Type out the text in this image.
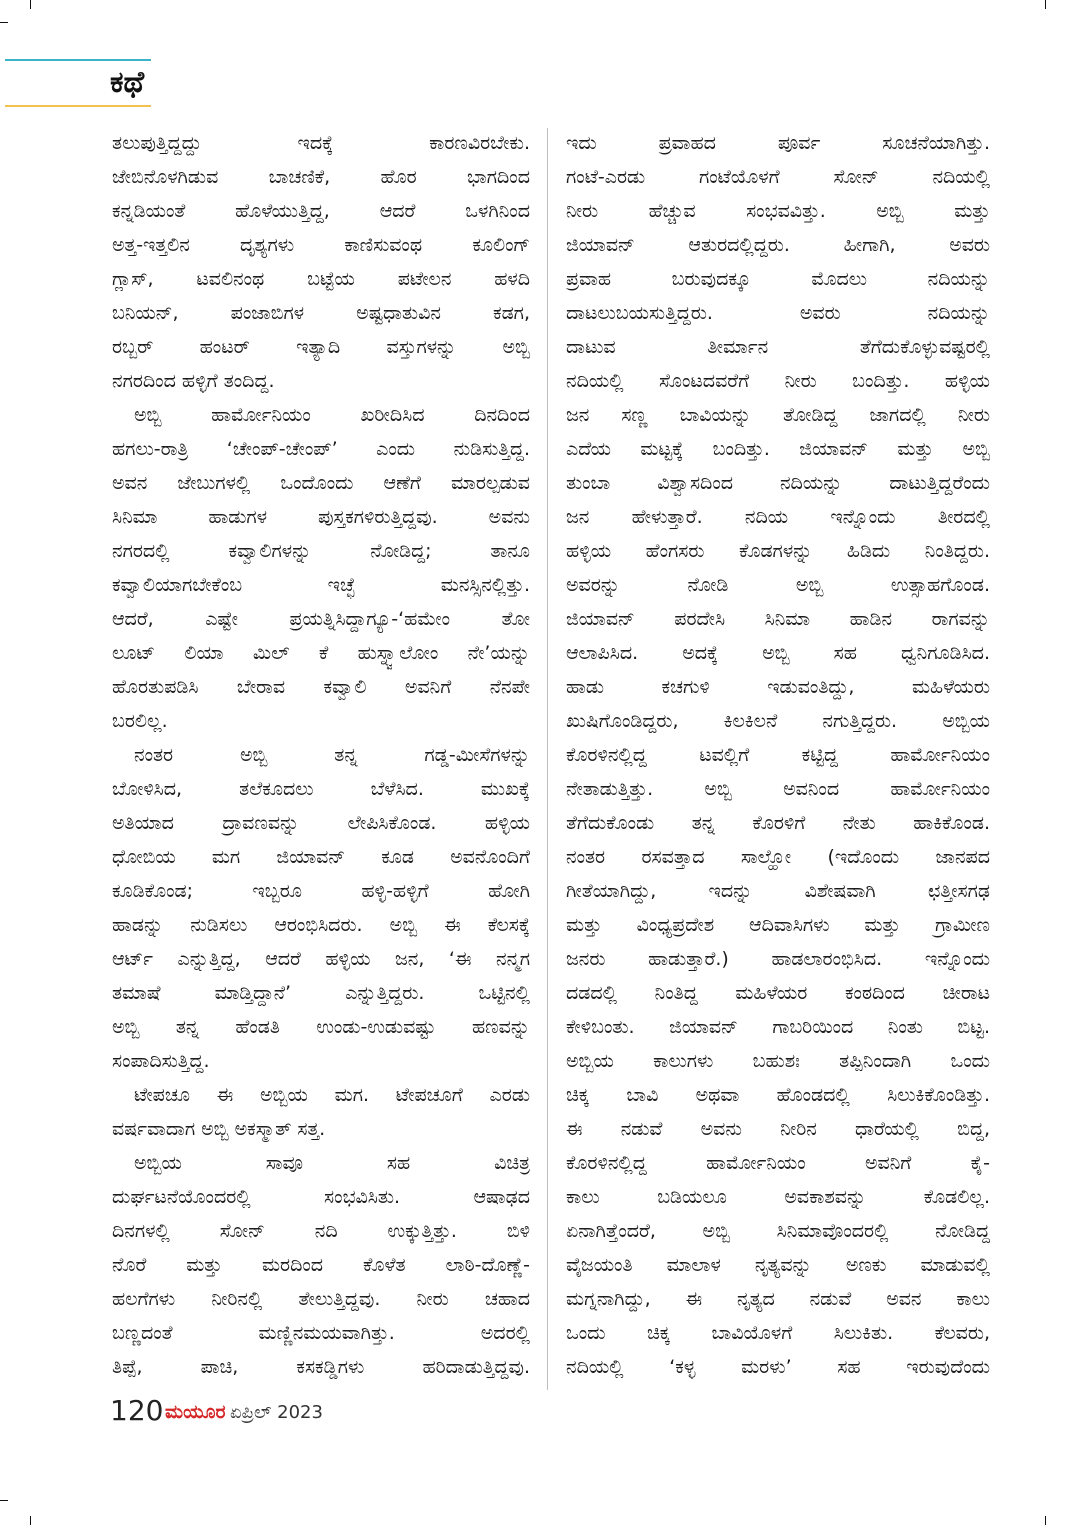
ಕಥೆ
ತಲುಪುತ್ತಿದ್ದದ್ದು ಇದಕ್ಕೆ ಕಾರಣವಿರಬೇಕು.
ಜೇಬಿನೊಳಗಿಡುವ ಬಾಚಣಿಕೆ, ಹೊರ ಭಾಗದಿಂದ
ಕನ್ನಡಿಯಂತೆ ಹೊಳೆಯುತ್ತಿದ್ದ, ಆದರೆ ಒಳಗಿನಿಂದ
ಅತ್ತ-ಇತ್ತಲಿನ ದೃಶ್ಯಗಳು ಕಾಣಿಸುವಂಥ ಕೂಲಿಂಗ್
ಗ್ಲಾಸ್, ಟವಲಿನಂಥ ಬಟ್ಟೆಯ ಪಟೇಲನ ಹಳದಿ
ಬನಿಯನ್, ಪಂಜಾಬಿಗಳ ಅಷ್ಟಧಾತುವಿನ ಕಡಗ,
ರಬ್ಬರ್ ಹಂಟರ್ ಇತ್ಯಾದಿ ವಸ್ತುಗಳನ್ನು ಅಬ್ಬಿ
ನಗರದಿಂದ ಹಳ್ಳಿಗೆ ತಂದಿದ್ದ.
ಅಬ್ಬಿ ಹಾರ್ಮೋನಿಯಂ ಖರೀದಿಸಿದ ದಿನದಿಂದ
ಹಗಲು-ರಾತ್ರಿ ‘ಚೇಂಪ್-ಚೇಂಪ್’ ಎಂದು ನುಡಿಸುತ್ತಿದ್ದ.
ಅವನ ಜೇಬುಗಳಲ್ಲಿ ಒಂದೊಂದು ಆಣೆಗೆ ಮಾರಲ್ಪಡುವ
ಸಿನಿಮಾ ಹಾಡುಗಳ ಪುಸ್ತಕಗಳಿರುತ್ತಿದ್ದವು. ಅವನು
ನಗರದಲ್ಲಿ ಕವ್ವಾಲಿಗಳನ್ನು ನೋಡಿದ್ದ; ತಾನೂ
ಕವ್ವಾಲಿಯಾಗಬೇಕೆಂಬ ಇಚ್ಛೆ ಮನಸ್ಸಿನಲ್ಲಿತ್ತು.
ಆದರೆ, ಎಷ್ಟೇ ಪ್ರಯತ್ನಿಸಿದ್ದಾಗ್ಯೂ-‘ಹಮೇಂ ತೋ
ಲೂಟ್ ಲಿಯಾ ಮಿಲ್ ಕೆ ಹುಸ್ನ್ವಾಲೋಂ ನೇ’ಯನ್ನು
ಹೊರತುಪಡಿಸಿ ಬೇರಾವ ಕವ್ವಾಲಿ ಅವನಿಗೆ ನೆನಪೇ
ಬರಲಿಲ್ಲ.
ನಂತರ ಅಬ್ಬಿ ತನ್ನ ಗಡ್ಡ-ಮೀಸೆಗಳನ್ನು
ಬೋಳಿಸಿದ, ತಲೆಕೂದಲು ಬೆಳೆಸಿದ. ಮುಖಕ್ಕೆ
ಅತಿಯಾದ ದ್ರಾವಣವನ್ನು ಲೇಪಿಸಿಕೊಂಡ. ಹಳ್ಳಿಯ
ಧೋಬಿಯ ಮಗ ಜಿಯಾವನ್ ಕೂಡ ಅವನೊಂದಿಗೆ
ಕೂಡಿಕೊಂಡ; ಇಬ್ಬರೂ ಹಳ್ಳಿ-ಹಳ್ಳಿಗೆ ಹೋಗಿ
ಹಾಡನ್ನು ನುಡಿಸಲು ಆರಂಭಿಸಿದರು. ಅಬ್ಬಿ ಈ ಕೆಲಸಕ್ಕೆ
ಆರ್ಟ್ ಎನ್ನುತ್ತಿದ್ದ, ಆದರೆ ಹಳ್ಳಿಯ ಜನ, ‘ಈ ನನ್ಮಗ
ತಮಾಷೆ ಮಾಡ್ತಿದ್ದಾನೆ’ ಎನ್ನುತ್ತಿದ್ದರು. ಒಟ್ಟಿನಲ್ಲಿ
ಅಬ್ಬಿ ತನ್ನ ಹೆಂಡತಿ ಉಂಡು-ಉಡುವಷ್ಟು ಹಣವನ್ನು
ಸಂಪಾದಿಸುತ್ತಿದ್ದ.
ಟೇಪಚೂ ಈ ಅಬ್ಬಿಯ ಮಗ. ಟೇಪಚೂಗೆ ಎರಡು
ವರ್ಷವಾದಾಗ ಅಬ್ಬಿ ಅಕಸ್ಮಾತ್ ಸತ್ತ.
ಅಬ್ಬಿಯ ಸಾವೂ ಸಹ ವಿಚಿತ್ರ
ದುರ್ಘಟನೆಯೊಂದರಲ್ಲಿ ಸಂಭವಿಸಿತು. ಆಷಾಢದ
ದಿನಗಳಲ್ಲಿ ಸೋನ್ ನದಿ ಉಕ್ಕುತ್ತಿತ್ತು. ಬಿಳಿ
ನೊರೆ ಮತ್ತು ಮರದಿಂದ ಕೊಳೆತ ಲಾಠಿ-ದೊಣ್ಣೆ-
ಹಲಗೆಗಳು ನೀರಿನಲ್ಲಿ ತೇಲುತ್ತಿದ್ದವು. ನೀರು ಚಹಾದ
ಬಣ್ಣದಂತೆ ಮಣ್ಣಿನಮಯವಾಗಿತ್ತು. ಅದರಲ್ಲಿ
ತಿಪ್ಪೆ, ಪಾಚಿ, ಕಸಕಡ್ಡಿಗಳು ಹರಿದಾಡುತ್ತಿದ್ದವು.
ಇದು ಪ್ರವಾಹದ ಪೂರ್ವ ಸೂಚನೆಯಾಗಿತ್ತು.
ಗಂಟೆ-ಎರಡು ಗಂಟೆಯೊಳಗೆ ಸೋನ್ ನದಿಯಲ್ಲಿ
ನೀರು ಹೆಚ್ಚುವ ಸಂಭವವಿತ್ತು. ಅಬ್ಬಿ ಮತ್ತು
ಜಿಯಾವನ್ ಆತುರದಲ್ಲಿದ್ದರು. ಹೀಗಾಗಿ, ಅವರು
ಪ್ರವಾಹ ಬರುವುದಕ್ಕೂ ಮೊದಲು ನದಿಯನ್ನು
ದಾಟಲುಬಯಸುತ್ತಿದ್ದರು. ಅವರು ನದಿಯನ್ನು
ದಾಟುವ ತೀರ್ಮಾನ ತೆಗೆದುಕೊಳ್ಳುವಷ್ಟರಲ್ಲಿ
ನದಿಯಲ್ಲಿ ಸೊಂಟದವರೆಗೆ ನೀರು ಬಂದಿತ್ತು. ಹಳ್ಳಿಯ
ಜನ ಸಣ್ಣ ಬಾವಿಯನ್ನು ತೋಡಿದ್ದ ಜಾಗದಲ್ಲಿ ನೀರು
ಎದೆಯ ಮಟ್ಟಕ್ಕೆ ಬಂದಿತ್ತು. ಜಿಯಾವನ್ ಮತ್ತು ಅಬ್ಬಿ
ತುಂಬಾ ವಿಶ್ವಾಸದಿಂದ ನದಿಯನ್ನು ದಾಟುತ್ತಿದ್ದರೆಂದು
ಜನ ಹೇಳುತ್ತಾರೆ. ನದಿಯ ಇನ್ನೊಂದು ತೀರದಲ್ಲಿ
ಹಳ್ಳಿಯ ಹೆಂಗಸರು ಕೊಡಗಳನ್ನು ಹಿಡಿದು ನಿಂತಿದ್ದರು.
ಅವರನ್ನು ನೋಡಿ ಅಬ್ಬಿ ಉತ್ಸಾಹಗೊಂಡ.
ಜಿಯಾವನ್ ಪರದೇಸಿ ಸಿನಿಮಾ ಹಾಡಿನ ರಾಗವನ್ನು
ಆಲಾಪಿಸಿದ. ಅದಕ್ಕೆ ಅಬ್ಬಿ ಸಹ ಧ್ವನಿಗೂಡಿಸಿದ.
ಹಾಡು ಕಚಗುಳಿ ಇಡುವಂತಿದ್ದು, ಮಹಿಳೆಯರು
ಖುಷಿಗೊಂಡಿದ್ದರು, ಕಿಲಕಿಲನೆ ನಗುತ್ತಿದ್ದರು. ಅಬ್ಬಿಯ
ಕೊರಳಿನಲ್ಲಿದ್ದ ಟವಲ್ಲಿಗೆ ಕಟ್ಟಿದ್ದ ಹಾರ್ಮೋನಿಯಂ
ನೇತಾಡುತ್ತಿತ್ತು. ಅಬ್ಬಿ ಅವನಿಂದ ಹಾರ್ಮೋನಿಯಂ
ತೆಗೆದುಕೊಂಡು ತನ್ನ ಕೊರಳಿಗೆ ನೇತು ಹಾಕಿಕೊಂಡ.
ನಂತರ ರಸವತ್ತಾದ ಸಾಲ್ಹೋ (ಇದೊಂದು ಜಾನಪದ
ಗೀತೆಯಾಗಿದ್ದು, ಇದನ್ನು ವಿಶೇಷವಾಗಿ ಛತ್ತೀಸಗಢ
ಮತ್ತು ವಿಂಧ್ಯಪ್ರದೇಶ ಆದಿವಾಸಿಗಳು ಮತ್ತು ಗ್ರಾಮೀಣ
ಜನರು ಹಾಡುತ್ತಾರೆ.) ಹಾಡಲಾರಂಭಿಸಿದ. ಇನ್ನೊಂದು
ದಡದಲ್ಲಿ ನಿಂತಿದ್ದ ಮಹಿಳೆಯರ ಕಂಠದಿಂದ ಚೀರಾಟ
ಕೇಳಿಬಂತು. ಜಿಯಾವನ್ ಗಾಬರಿಯಿಂದ ನಿಂತು ಬಿಟ್ಟ.
ಅಬ್ಬಿಯ ಕಾಲುಗಳು ಬಹುಶಃ ತಪ್ಪಿನಿಂದಾಗಿ ಒಂದು
ಚಿಕ್ಕ ಬಾವಿ ಅಥವಾ ಹೊಂಡದಲ್ಲಿ ಸಿಲುಕಿಕೊಂಡಿತ್ತು.
ಈ ನಡುವೆ ಅವನು ನೀರಿನ ಧಾರೆಯಲ್ಲಿ ಬಿದ್ದ,
ಕೊರಳಿನಲ್ಲಿದ್ದ ಹಾರ್ಮೋನಿಯಂ ಅವನಿಗೆ ಕೈ-
ಕಾಲು ಬಡಿಯಲೂ ಅವಕಾಶವನ್ನು ಕೊಡಲಿಲ್ಲ.
ಏನಾಗಿತ್ತೆಂದರೆ, ಅಬ್ಬಿ ಸಿನಿಮಾವೊಂದರಲ್ಲಿ ನೋಡಿದ್ದ
ವೈಜಯಂತಿ ಮಾಲಾಳ ನೃತ್ಯವನ್ನು ಅಣಕು ಮಾಡುವಲ್ಲಿ
ಮಗ್ನನಾಗಿದ್ದು, ಈ ನೃತ್ಯದ ನಡುವೆ ಅವನ ಕಾಲು
ಒಂದು ಚಿಕ್ಕ ಬಾವಿಯೊಳಗೆ ಸಿಲುಕಿತು. ಕೆಲವರು,
ನದಿಯಲ್ಲಿ ‘ಕಳ್ಳ ಮರಳು’ ಸಹ ಇರುವುದೆಂದು
120 ಮಯೂರ ಏಪ್ರಿಲ್ 2023
